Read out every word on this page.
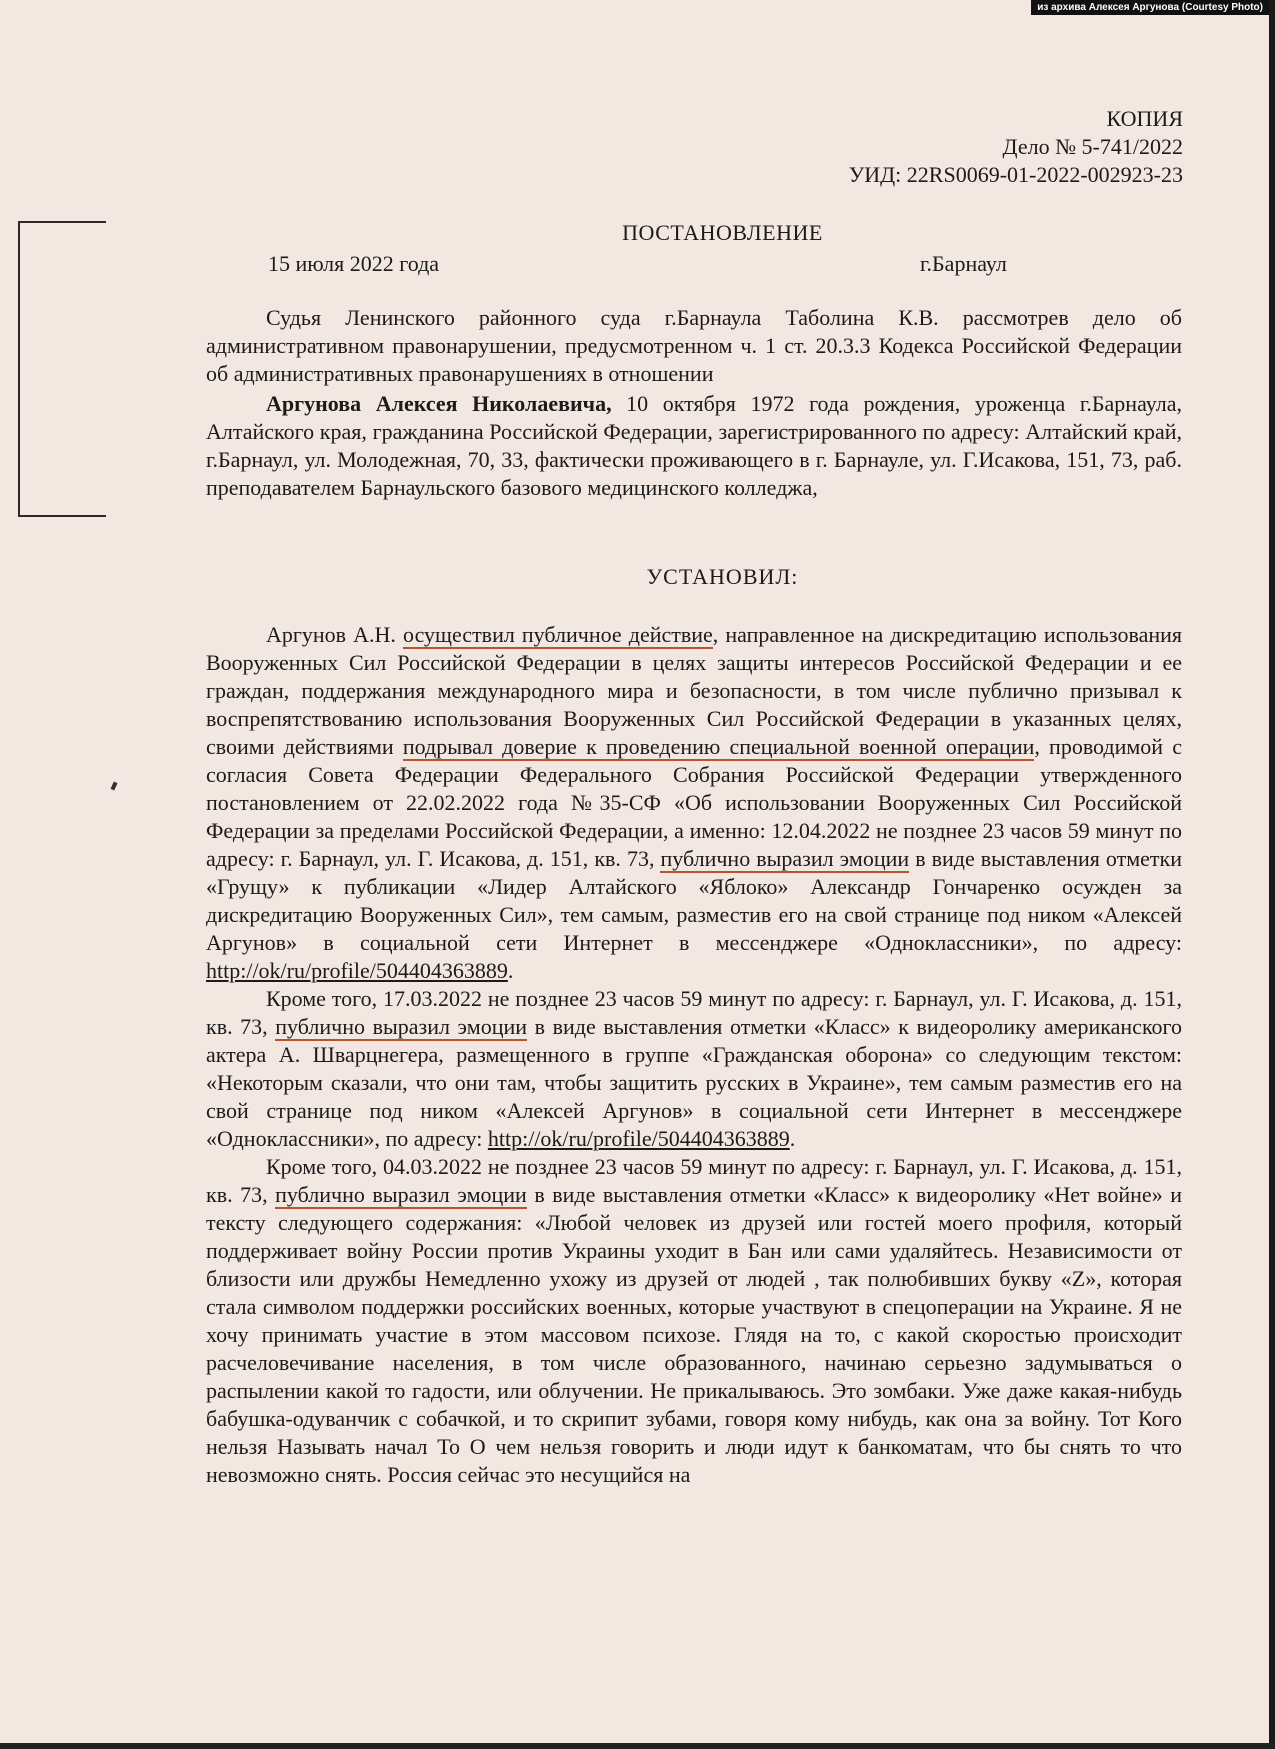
из архива Алексея Аргунова (Courtesy Photo)
КОПИЯ
Дело № 5-741/2022
УИД: 22RS0069-01-2022-002923-23
ПОСТАНОВЛЕНИЕ
15 июля 2022 года	г.Барнаул

Судья Ленинского районного суда г.Барнаула Таболина К.В. рассмотрев дело об административном правонарушении, предусмотренном ч. 1 ст. 20.3.3 Кодекса Российской Федерации об административных правонарушениях в отношении

Аргунова Алексея Николаевича, 10 октября 1972 года рождения, уроженца г.Барнаула, Алтайского края, гражданина Российской Федерации, зарегистрированного по адресу: Алтайский край, г.Барнаул, ул. Молодежная, 70, 33, фактически проживающего в г. Барнауле, ул. Г.Исакова, 151, 73, раб. преподавателем Барнаульского базового медицинского колледжа,

УСТАНОВИЛ:

Аргунов А.Н. осуществил публичное действие, направленное на дискредитацию использования Вооруженных Сил Российской Федерации в целях защиты интересов Российской Федерации и ее граждан, поддержания международного мира и безопасности, в том числе публично призывал к воспрепятствованию использования Вооруженных Сил Российской Федерации в указанных целях, своими действиями подрывал доверие к проведению специальной военной операции, проводимой с согласия Совета Федерации Федерального Собрания Российской Федерации утвержденного постановлением от 22.02.2022 года №35-СФ «Об использовании Вооруженных Сил Российской Федерации за пределами Российской Федерации, а именно: 12.04.2022 не позднее 23 часов 59 минут по адресу: г. Барнаул, ул. Г. Исакова, д. 151, кв. 73, публично выразил эмоции в виде выставления отметки «Грущу» к публикации «Лидер Алтайского «Яблоко» Александр Гончаренко осужден за дискредитацию Вооруженных Сил», тем самым, разместив его на свой странице под ником «Алексей Аргунов» в социальной сети Интернет в мессенджере «Одноклассники», по адресу: http://ok/ru/profile/504404363889.

Кроме того, 17.03.2022 не позднее 23 часов 59 минут по адресу: г. Барнаул, ул. Г. Исакова, д. 151, кв. 73, публично выразил эмоции в виде выставления отметки «Класс» к видеоролику американского актера А. Шварцнегера, размещенного в группе «Гражданская оборона» со следующим текстом: «Некоторым сказали, что они там, чтобы защитить русских в Украине», тем самым разместив его на свой странице под ником «Алексей Аргунов» в социальной сети Интернет в мессенджере «Одноклассники», по адресу: http://ok/ru/profile/504404363889.

Кроме того, 04.03.2022 не позднее 23 часов 59 минут по адресу: г. Барнаул, ул. Г. Исакова, д. 151, кв. 73, публично выразил эмоции в виде выставления отметки «Класс» к видеоролику «Нет войне» и тексту следующего содержания: «Любой человек из друзей или гостей моего профиля, который поддерживает войну России против Украины уходит в Бан или сами удаляйтесь. Независимости от близости или дружбы Немедленно ухожу из друзей от людей , так полюбивших букву «Z», которая стала символом поддержки российских военных, которые участвуют в спецоперации на Украине. Я не хочу принимать участие в этом массовом психозе. Глядя на то, с какой скоростью происходит расчеловечивание населения, в том числе образованного, начинаю серьезно задумываться о распылении какой то гадости, или облучении. Не прикалываюсь. Это зомбаки. Уже даже какая-нибудь бабушка-одуванчик с собачкой, и то скрипит зубами, говоря кому нибудь, как она за войну. Тот Кого нельзя Называть начал То О чем нельзя говорить и люди идут к банкоматам, что бы снять то что невозможно снять. Россия сейчас это несущийся на
